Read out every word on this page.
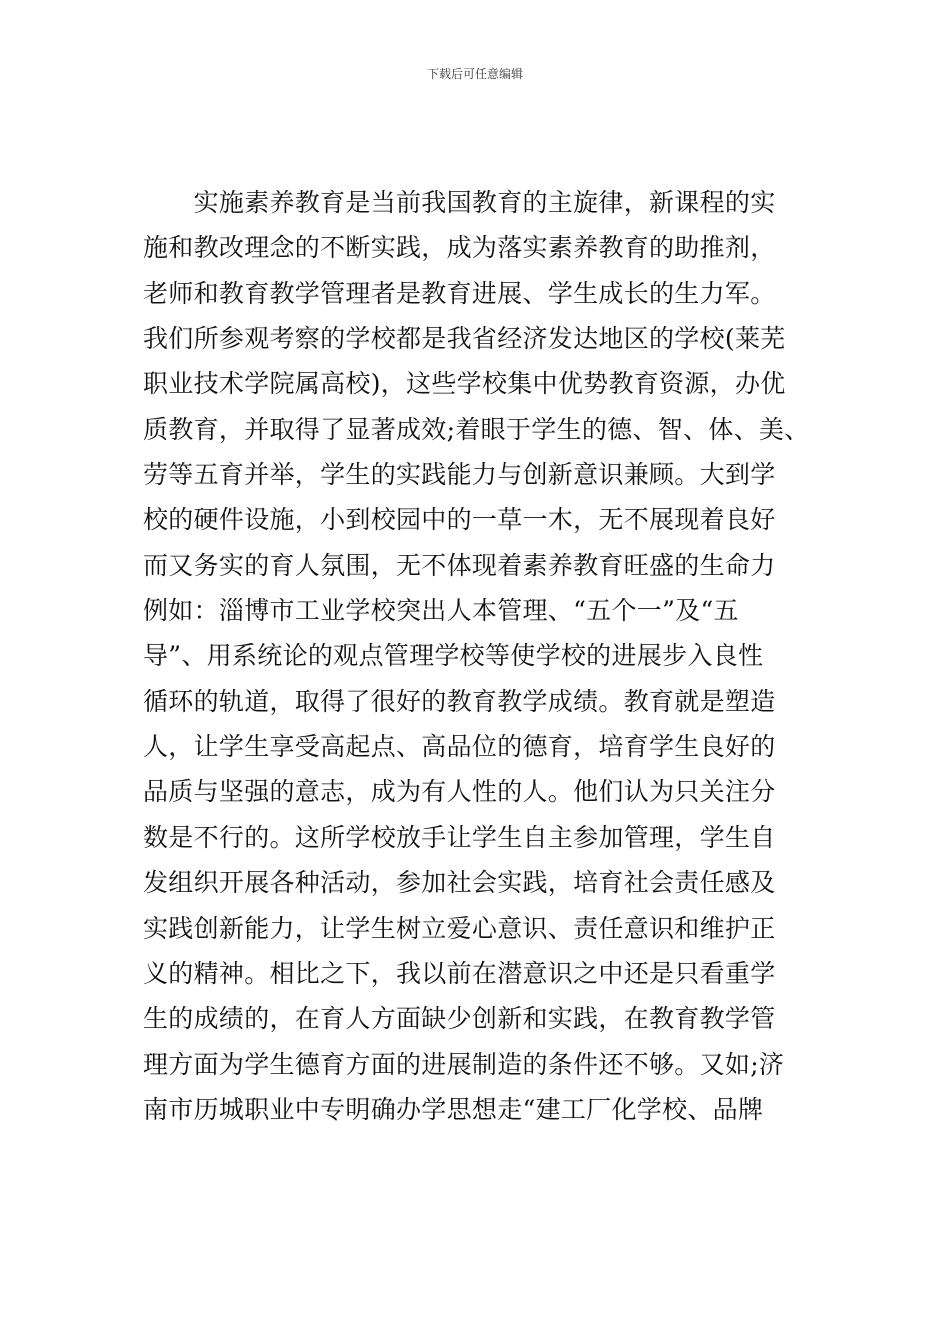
下载后可任意编辑
　　实施素养教育是当前我国教育的主旋律，新课程的实
施和教改理念的不断实践，成为落实素养教育的助推剂，
老师和教育教学管理者是教育进展、学生成长的生力军。
我们所参观考察的学校都是我省经济发达地区的学校(莱芜
职业技术学院属高校)，这些学校集中优势教育资源，办优
质教育，并取得了显著成效;着眼于学生的德、智、体、美、
劳等五育并举，学生的实践能力与创新意识兼顾。大到学
校的硬件设施，小到校园中的一草一木，无不展现着良好
而又务实的育人氛围，无不体现着素养教育旺盛的生命力
例如：淄博市工业学校突出人本管理、“五个一”及“五
导”、用系统论的观点管理学校等使学校的进展步入良性
循环的轨道，取得了很好的教育教学成绩。教育就是塑造
人，让学生享受高起点、高品位的德育，培育学生良好的
品质与坚强的意志，成为有人性的人。他们认为只关注分
数是不行的。这所学校放手让学生自主参加管理，学生自
发组织开展各种活动，参加社会实践，培育社会责任感及
实践创新能力，让学生树立爱心意识、责任意识和维护正
义的精神。相比之下，我以前在潜意识之中还是只看重学
生的成绩的，在育人方面缺少创新和实践，在教育教学管
理方面为学生德育方面的进展制造的条件还不够。又如;济
南市历城职业中专明确办学思想走“建工厂化学校、品牌
